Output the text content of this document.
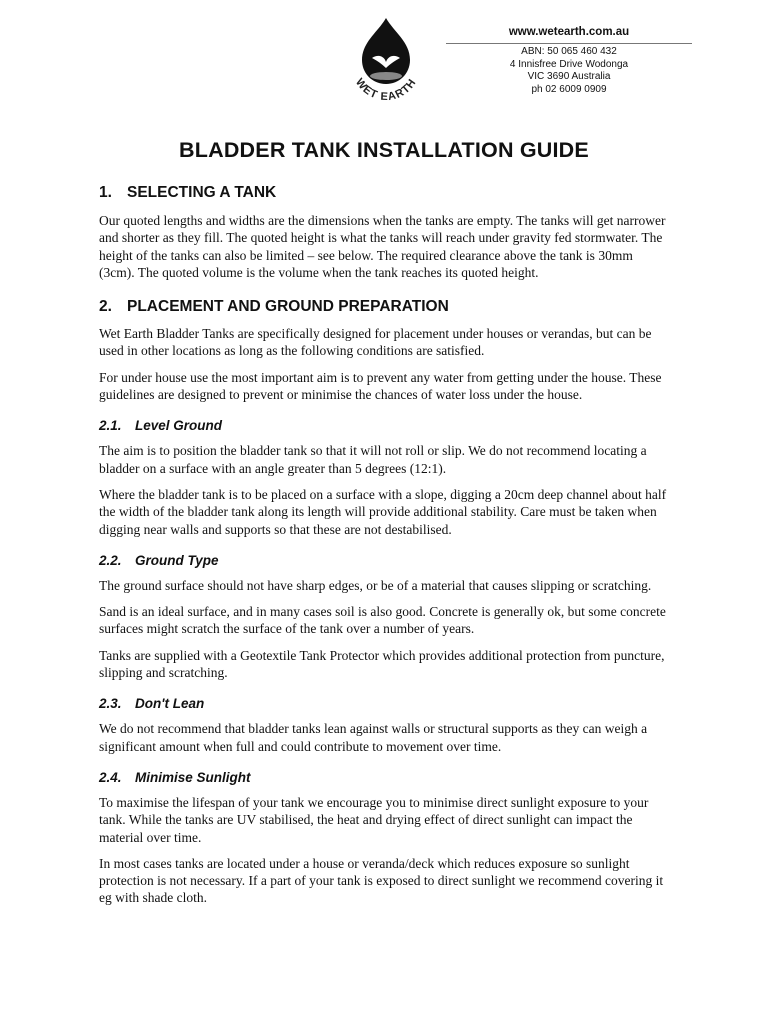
WET EARTH
www.wetearth.com.au
ABN: 50 065 460 432
4 Innisfree Drive Wodonga
VIC 3690 Australia
ph 02 6009 0909
BLADDER TANK INSTALLATION GUIDE
1. SELECTING A TANK

Our quoted lengths and widths are the dimensions when the tanks are empty. The tanks will get narrower and shorter as they fill. The quoted height is what the tanks will reach under gravity fed stormwater. The height of the tanks can also be limited – see below. The required clearance above the tank is 30mm (3cm). The quoted volume is the volume when the tank reaches its quoted height.

2. PLACEMENT AND GROUND PREPARATION

Wet Earth Bladder Tanks are specifically designed for placement under houses or verandas, but can be used in other locations as long as the following conditions are satisfied.

For under house use the most important aim is to prevent any water from getting under the house. These guidelines are designed to prevent or minimise the chances of water loss under the house.

2.1. Level Ground

The aim is to position the bladder tank so that it will not roll or slip. We do not recommend locating a bladder on a surface with an angle greater than 5 degrees (12:1).

Where the bladder tank is to be placed on a surface with a slope, digging a 20cm deep channel about half the width of the bladder tank along its length will provide additional stability. Care must be taken when digging near walls and supports so that these are not destabilised.

2.2. Ground Type

The ground surface should not have sharp edges, or be of a material that causes slipping or scratching.

Sand is an ideal surface, and in many cases soil is also good. Concrete is generally ok, but some concrete surfaces might scratch the surface of the tank over a number of years.

Tanks are supplied with a Geotextile Tank Protector which provides additional protection from puncture, slipping and scratching.

2.3. Don't Lean

We do not recommend that bladder tanks lean against walls or structural supports as they can weigh a significant amount when full and could contribute to movement over time.

2.4. Minimise Sunlight

To maximise the lifespan of your tank we encourage you to minimise direct sunlight exposure to your tank. While the tanks are UV stabilised, the heat and drying effect of direct sunlight can impact the material over time.

In most cases tanks are located under a house or veranda/deck which reduces exposure so sunlight protection is not necessary. If a part of your tank is exposed to direct sunlight we recommend covering it eg with shade cloth.
